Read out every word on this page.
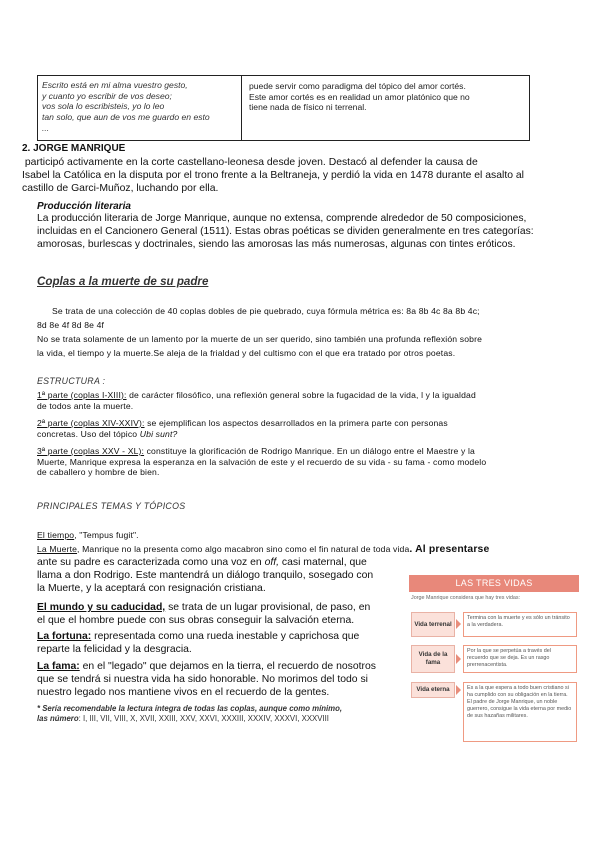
Escrito está en mi alma vuestro gesto,
y cuanto yo escribir de vos deseo;
vos sola lo escribisteis, yo lo leo
tan solo, que aun de vos me guardo en esto
...
puede servir como paradigma del tópico del amor cortés.
Este amor cortés es en realidad un amor platónico que no
tiene nada de físico ni terrenal.
2. JORGE MANRIQUE
participó activamente en la corte castellano-leonesa desde joven. Destacó al defender la causa de
Isabel la Católica en la disputa por el trono frente a la Beltraneja, y perdió la vida en 1478 durante el asalto al
castillo de Garci-Muñoz, luchando por ella.
Producción literaria
La producción literaria de Jorge Manrique, aunque no extensa, comprende alrededor de 50 composiciones,
incluidas en el Cancionero General (1511). Estas obras poéticas se dividen generalmente en tres categorías:
amorosas, burlescas y doctrinales, siendo las amorosas las más numerosas, algunas con tintes eróticos.
Coplas a la muerte de su padre
Se trata de una colección de 40 coplas dobles de pie quebrado, cuya fórmula métrica es: 8a 8b 4c 8a 8b 4c;
8d 8e 4f 8d 8e 4f
No se trata solamente de un lamento por la muerte de un ser querido, sino también una profunda reflexión sobre
la vida, el tiempo y la muerte.Se aleja de la frialdad y del cultismo con el que era tratado por otros poetas.
ESTRUCTURA :
1ª parte (coplas I-XIII): de carácter filosófico, una reflexión general sobre la fugacidad de la vida, l y la igualdad
de todos ante la muerte.
2ª parte (coplas XIV-XXIV): se ejemplifican los aspectos desarrollados en la primera parte con personas
concretas. Uso del tópico Ubi sunt?
3ª parte (coplas XXV - XL): constituye la glorificación de Rodrigo Manrique. En un diálogo entre el Maestre y la
Muerte, Manrique expresa la esperanza en la salvación de este y el recuerdo de su vida - su fama - como modelo
de caballero y hombre de bien.
PRINCIPALES TEMAS Y TÓPICOS
El tiempo, "Tempus fugit".
La Muerte, Manrique no la presenta como algo macabron sino como el fin natural de toda vida. Al presentarse
ante su padre es caracterizada como una voz en off, casi maternal, que
llama a don Rodrigo. Este mantendrá un diálogo tranquilo, sosegado con
la Muerte, y la aceptará con resignación cristiana.
El mundo y su caducidad, se trata de un lugar provisional, de paso, en
el que el hombre puede con sus obras conseguir la salvación eterna.
La fortuna: representada como una rueda inestable y caprichosa que
reparte la felicidad y la desgracia.
La fama: en el "legado" que dejamos en la tierra, el recuerdo de nosotros
que se tendrá si nuestra vida ha sido honorable. No morimos del todo si
nuestro legado nos mantiene vivos en el recuerdo de la gentes.
* Sería recomendable la lectura íntegra de todas las coplas, aunque como mínimo,
las número: I, III, VII, VIII, X, XVII, XXIII, XXV, XXVI, XXXIII, XXXIV, XXXVI, XXXVIII
LAS TRES VIDAS
Jorge Manrique considera que hay tres vidas:
Vida terrenal
Termina con la muerte y es sólo un tránsito a la verdadera.
Vida de la fama
Por la que se perpetúa a través del recuerdo que se deja. Es un rasgo prerrenacentista.
Vida eterna	Es a la que espera a todo buen cristiano si ha cumplido con su obligación en la tierra. El padre de Jorge Manrique, un noble guerrero, consigue la vida eterna por medio de sus hazañas militares.
